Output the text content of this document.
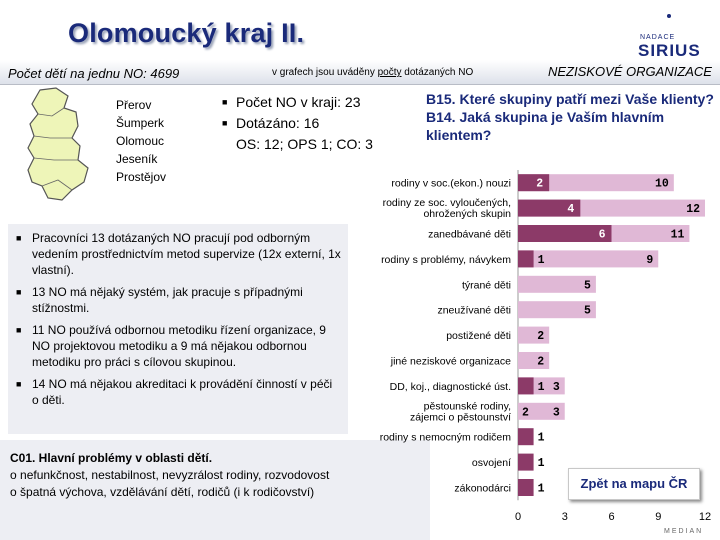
Olomoucký kraj II.	NADACE
SIRIUS
Počet dětí na jednu NO: 4699	v grafech jsou uváděny počty dotázaných NO	NEZISKOVÉ ORGANIZACE
Přerov
Šumperk
Olomouc
Jeseník
Prostějov
■ Počet NO v kraji: 23
■ Dotázáno: 16
OS: 12; OPS 1; CO: 3
B15. Které skupiny patří mezi Vaše klienty?
B14. Jaká skupina je Vaším hlavním klientem?
■ Pracovníci 13 dotázaných NO pracují pod odborným vedením prostřednictvím metod supervize (12x externí, 1x vlastní).
■ 13 NO má nějaký systém, jak pracuje s případnými stížnostmi.
■ 11 NO používá odbornou metodiku řízení organizace, 9 NO projektovou metodiku a 9 má nějakou odbornou metodiku pro práci s cílovou skupinou.
■ 14 NO má nějakou akreditaci k provádění činností v péči o děti.
C01. Hlavní problémy v oblasti dětí.
o nefunkčnost, nestabilnost, nevyzrálost rodiny, rozvodovost
o špatná výchova, vzdělávání dětí, rodičů (i k rodičovství)
rodiny v soc.(ekon.) nouzi 2	10
rodiny ze soc. vyloučených, ohrožených skupin	4	12
zanedbávané děti	6	11
rodiny s problémy, návykem 1	9
týrané děti	5
zneužívané děti	5
postižené děti 2
jiné neziskové organizace 2
DD, koj., diagnostické úst. 1 3
pěstounské rodiny, zájemci o pěstounství 2 3
rodiny s nemocným rodičem 1
osvojení 1
zákonodárci 1
0	3	6	9	12
Zpět na mapu ČR
MEDIAN
